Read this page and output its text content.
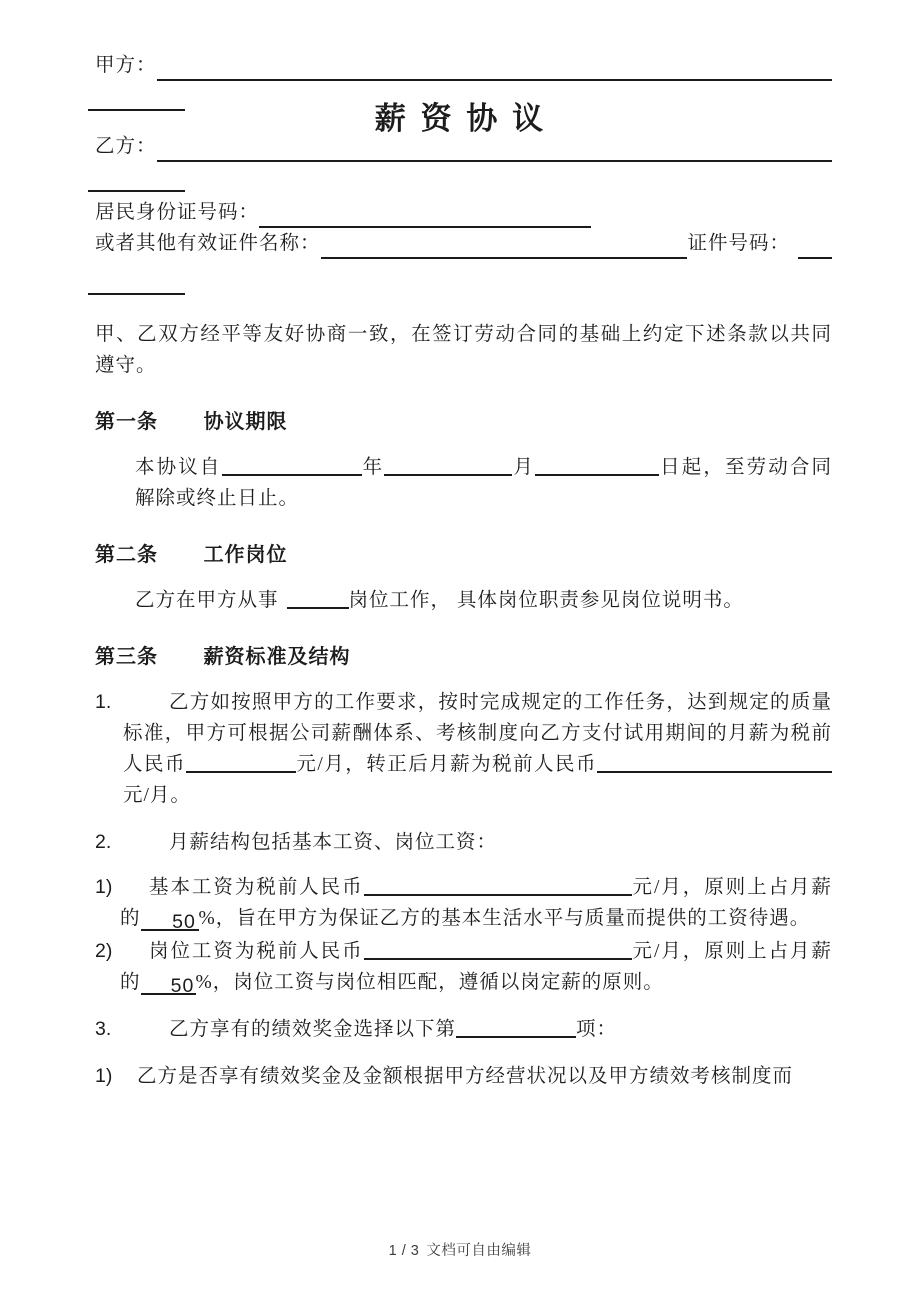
薪 资 协 议
甲方：
乙方：
居民身份证号码：
或者其他有效证件名称：	证件号码：

甲、乙双方经平等友好协商一致，在签订劳动合同的基础上约定下述条款以共同遵守。

第一条 协议期限

本协议自	年	月	日起，至劳动合同解除或终止日止。

第二条 工作岗位

乙方在甲方从事	岗位工作， 具体岗位职责参见岗位说明书。

第三条 薪资标准及结构
1.	乙方如按照甲方的工作要求，按时完成规定的工作任务，达到规定的质量标准，甲方可根据公司薪酬体系、考核制度向乙方支付试用期间的月薪为税前人民币	元/月，转正后月薪为税前人民币元/月。
2.	月薪结构包括基本工资、岗位工资：
1) 基本工资为税前人民币	元/月，原则上占月薪的 50 %，旨在甲方为保证乙方的基本生活水平与质量而提供的工资待遇。
2) 岗位工资为税前人民币	元/月，原则上占月薪的 50%，岗位工资与岗位相匹配，遵循以岗定薪的原则。
3.	乙方享有的绩效奖金选择以下第	项：
1) 乙方是否享有绩效奖金及金额根据甲方经营状况以及甲方绩效考核制度而
1 / 3 文档可自由编辑
